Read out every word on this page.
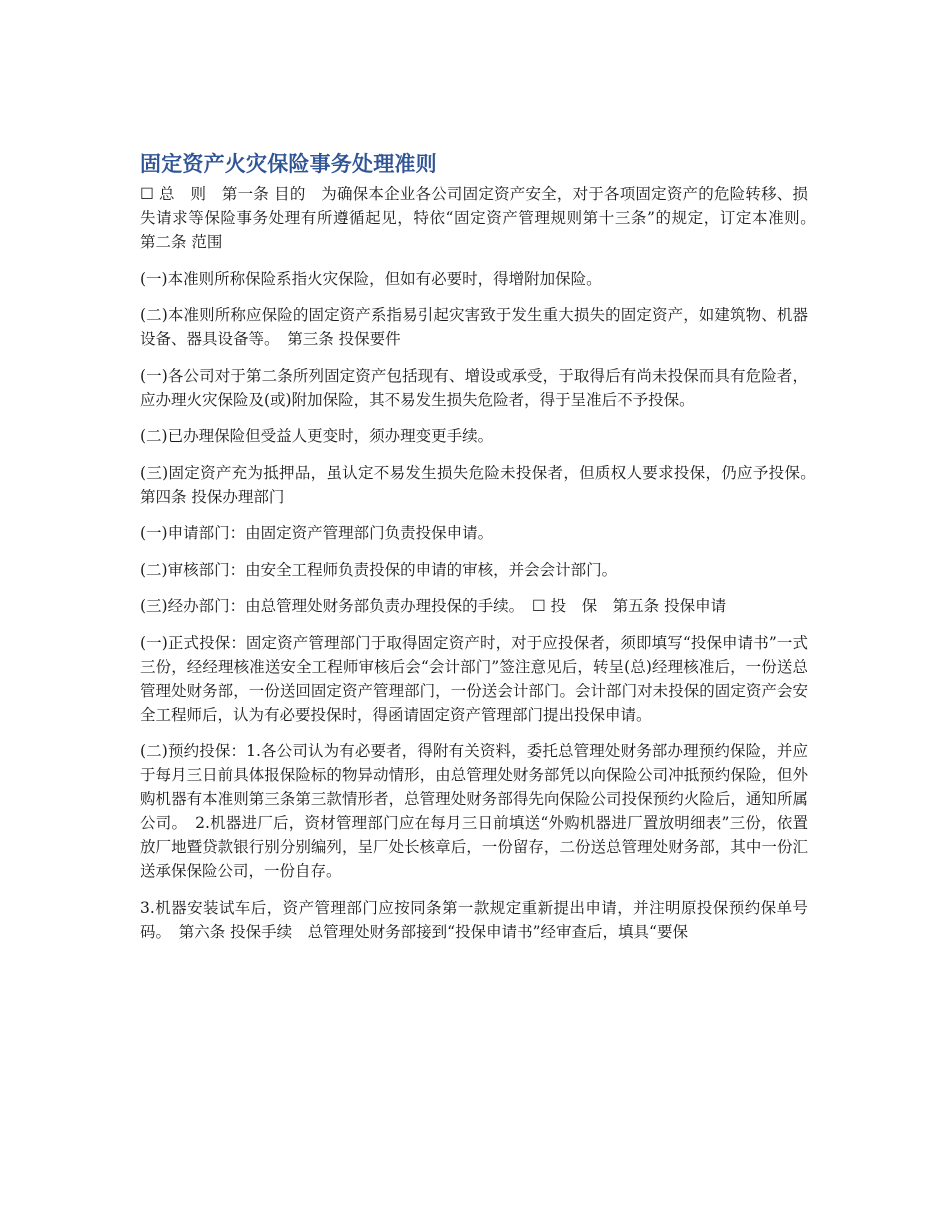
固定资产火灾保险事务处理准则

☐ 总　则　第一条 目的　为确保本企业各公司固定资产安全，对于各项固定资产的危险转移、损失请求等保险事务处理有所遵循起见，特依“固定资产管理规则第十三条”的规定，订定本准则。　第二条 范围

(一)本准则所称保险系指火灾保险，但如有必要时，得增附加保险。

(二)本准则所称应保险的固定资产系指易引起灾害致于发生重大损失的固定资产，如建筑物、机器设备、器具设备等。　第三条 投保要件

(一)各公司对于第二条所列固定资产包括现有、增设或承受，于取得后有尚未投保而具有危险者，应办理火灾保险及(或)附加保险，其不易发生损失危险者，得于呈准后不予投保。

(二)已办理保险但受益人更变时，须办理变更手续。

(三)固定资产充为抵押品，虽认定不易发生损失危险未投保者，但质权人要求投保，仍应予投保。　第四条 投保办理部门

(一)申请部门：由固定资产管理部门负责投保申请。

(二)审核部门：由安全工程师负责投保的申请的审核，并会会计部门。

(三)经办部门：由总管理处财务部负责办理投保的手续。　☐ 投　保　第五条 投保申请

(一)正式投保：固定资产管理部门于取得固定资产时，对于应投保者，须即填写“投保申请书”一式三份，经经理核准送安全工程师审核后会“会计部门”签注意见后，转呈(总)经理核准后，一份送总管理处财务部，一份送回固定资产管理部门，一份送会计部门。会计部门对未投保的固定资产会安全工程师后，认为有必要投保时，得函请固定资产管理部门提出投保申请。

(二)预约投保：1.各公司认为有必要者，得附有关资料，委托总管理处财务部办理预约保险，并应于每月三日前具体报保险标的物异动情形，由总管理处财务部凭以向保险公司冲抵预约保险，但外购机器有本准则第三条第三款情形者，总管理处财务部得先向保险公司投保预约火险后，通知所属公司。　2.机器进厂后，资材管理部门应在每月三日前填送“外购机器进厂置放明细表”三份，依置放厂地暨贷款银行别分别编列，呈厂处长核章后，一份留存，二份送总管理处财务部，其中一份汇送承保保险公司，一份自存。

3.机器安装试车后，资产管理部门应按同条第一款规定重新提出申请，并注明原投保预约保单号码。　第六条 投保手续　总管理处财务部接到“投保申请书”经审查后，填具“要保
